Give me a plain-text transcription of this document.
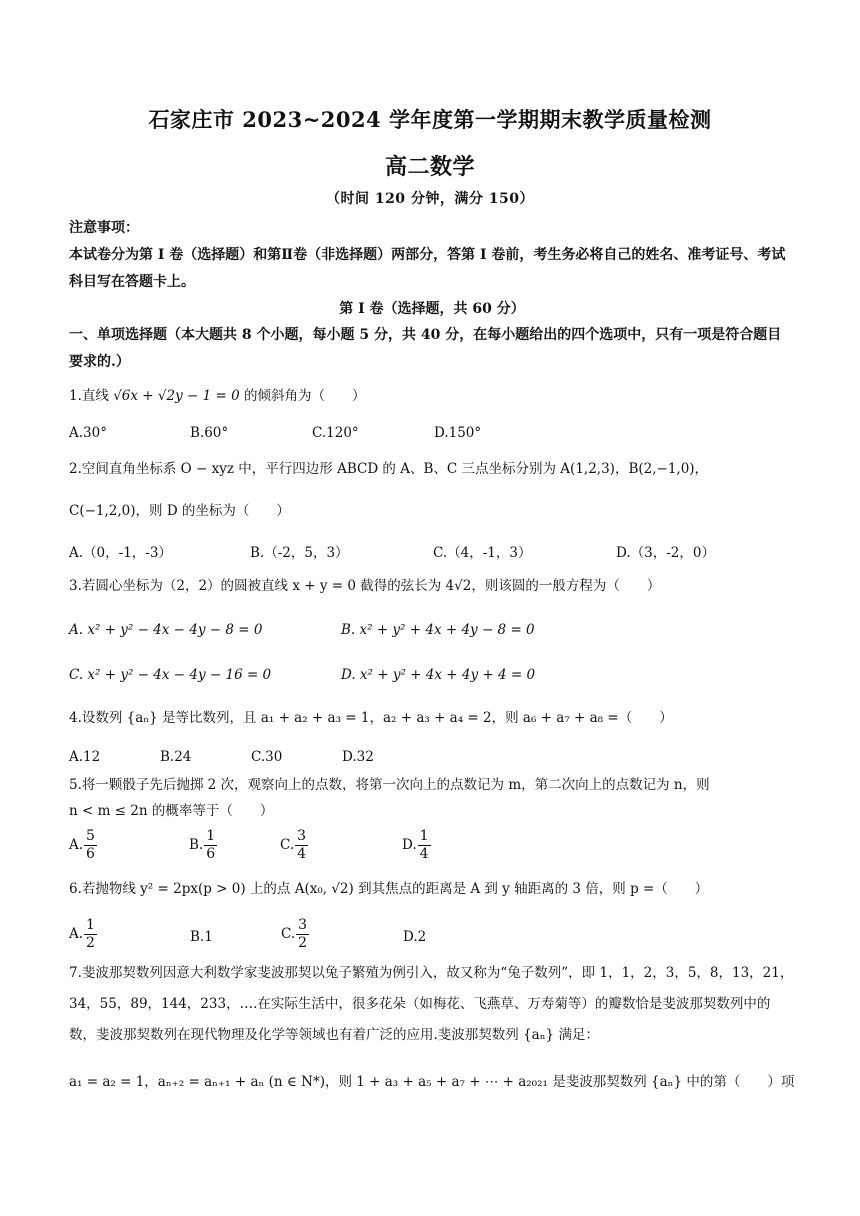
石家庄市 2023~2024 学年度第一学期期末教学质量检测
高二数学
（时间 120 分钟，满分 150）
注意事项：
本试卷分为第 I 卷（选择题）和第Ⅱ卷（非选择题）两部分，答第 I 卷前，考生务必将自己的姓名、准考证号、考试科目写在答题卡上。
第 I 卷（选择题，共 60 分）
一、单项选择题（本大题共 8 个小题，每小题 5 分，共 40 分，在每小题给出的四个选项中，只有一项是符合题目要求的.）
1.直线 √6x + √2y − 1 = 0 的倾斜角为（　　）
A.30°	B.60°	C.120°	D.150°
2.空间直角坐标系 O − xyz 中，平行四边形 ABCD 的 A、B、C 三点坐标分别为 A(1,2,3)，B(2,−1,0)，
C(−1,2,0)，则 D 的坐标为（　　）
A.（0，-1，-3）	B.（-2，5，3）	C.（4，-1，3）	D.（3，-2，0）
3.若圆心坐标为（2，2）的圆被直线 x + y = 0 截得的弦长为 4√2，则该圆的一般方程为（　　）
A. x² + y² − 4x − 4y − 8 = 0	B. x² + y² + 4x + 4y − 8 = 0
C. x² + y² − 4x − 4y − 16 = 0	D. x² + y² + 4x + 4y + 4 = 0
4.设数列 {aₙ} 是等比数列，且 a₁ + a₂ + a₃ = 1，a₂ + a₃ + a₄ = 2，则 a₆ + a₇ + a₈ =（　　）
A.12	B.24	C.30	D.32
5.将一颗骰子先后抛掷 2 次，观察向上的点数，将第一次向上的点数记为 m，第二次向上的点数记为 n，则
n < m ≤ 2n 的概率等于（　　）
A. $\frac{5}{6}$	B. $\frac{1}{6}$	C. $\frac{3}{4}$	D. $\frac{1}{4}$
6.若抛物线 y² = 2px(p > 0) 上的点 A(x₀, √2) 到其焦点的距离是 A 到 y 轴距离的 3 倍，则 p =（　　）
A. $\frac{1}{2}$	B.1	C. $\frac{3}{2}$	D.2
7.斐波那契数列因意大利数学家斐波那契以兔子繁殖为例引入，故又称为“兔子数列”，即 1，1，2，3，5，8，13，21，34，55，89，144，233，….在实际生活中，很多花朵（如梅花、飞燕草、万寿菊等）的瓣数恰是斐波那契数列中的数，斐波那契数列在现代物理及化学等领域也有着广泛的应用.斐波那契数列 {aₙ} 满足：
a₁ = a₂ = 1，aₙ₊₂ = aₙ₊₁ + aₙ (n ∈ N*)，则 1 + a₃ + a₅ + a₇ + ⋯ + a₂₀₂₁ 是斐波那契数列 {aₙ} 中的第（　　）项
